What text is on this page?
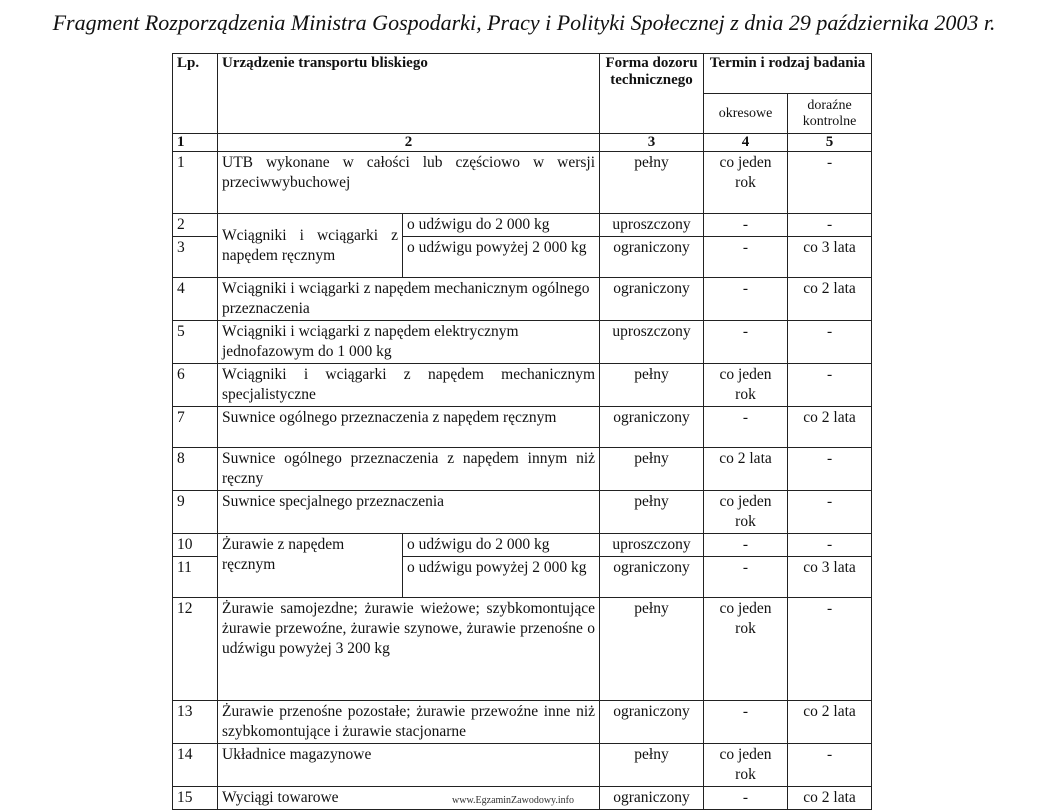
Fragment Rozporządzenia Ministra Gospodarki, Pracy i Polityki Społecznej z dnia 29 października 2003 r.
Lp.	Urządzenie transportu bliskiego		Forma dozoru technicznego	Termin i rodzaj badania	
				okresowe	doraźne kontrolne
1	2		3	4	5
1	UTB wykonane w całości lub częściowo w wersji przeciwwybuchowej		pełny	co jeden rok	-
2	Wciągniki i wciągarki z napędem ręcznym	o udźwigu do 2 000 kg	uproszczony	-	-
3		o udźwigu powyżej 2 000 kg	ograniczony	-	co 3 lata
4	Wciągniki i wciągarki z napędem mechanicznym ogólnego przeznaczenia		ograniczony	-	co 2 lata
5	Wciągniki i wciągarki z napędem elektrycznym jednofazowym do 1 000 kg		uproszczony	-	-
6	Wciągniki i wciągarki z napędem mechanicznym specjalistyczne		pełny	co jeden rok	-
7	Suwnice ogólnego przeznaczenia z napędem ręcznym		ograniczony	-	co 2 lata
8	Suwnice ogólnego przeznaczenia z napędem innym niż ręczny		pełny	co 2 lata	-
9	Suwnice specjalnego przeznaczenia		pełny	co jeden rok	-
10	Żurawie z napędem ręcznym	o udźwigu do 2 000 kg	uproszczony	-	-
11		o udźwigu powyżej 2 000 kg	ograniczony	-	co 3 lata
12	Żurawie samojezdne; żurawie wieżowe; szybkomontujące żurawie przewoźne, żurawie szynowe, żurawie przenośne o udźwigu powyżej 3 200 kg		pełny	co jeden rok	-
13	Żurawie przenośne pozostałe; żurawie przewoźne inne niż szybkomontujące i żurawie stacjonarne		ograniczony	-	co 2 lata
14	Układnice magazynowe		pełny	co jeden rok	-
15	Wyciągi towarowe		ograniczony	-	co 2 lata
www.EgzaminZawodowy.info
